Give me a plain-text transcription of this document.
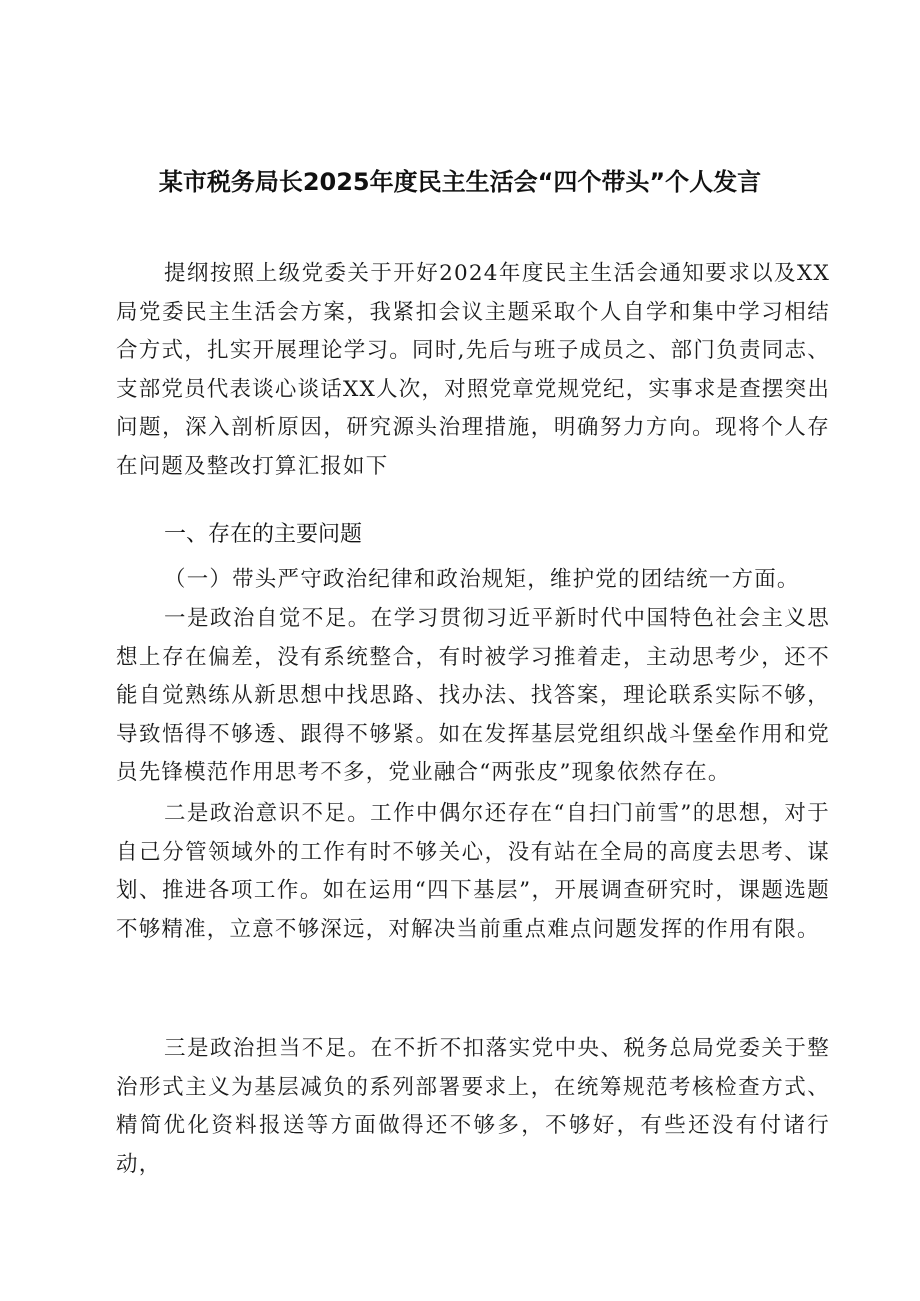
某市税务局长2025年度民主生活会“四个带头”个人发言

提纲按照上级党委关于开好2024年度民主生活会通知要求以及XX局党委民主生活会方案，我紧扣会议主题采取个人自学和集中学习相结合方式，扎实开展理论学习。同时,先后与班子成员之、部门负责同志、支部党员代表谈心谈话XX人次，对照党章党规党纪，实事求是查摆突出问题，深入剖析原因，研究源头治理措施，明确努力方向。现将个人存在问题及整改打算汇报如下

一、存在的主要问题

（一）带头严守政治纪律和政治规矩，维护党的团结统一方面。

一是政治自觉不足。在学习贯彻习近平新时代中国特色社会主义思想上存在偏差，没有系统整合，有时被学习推着走，主动思考少，还不能自觉熟练从新思想中找思路、找办法、找答案，理论联系实际不够，导致悟得不够透、跟得不够紧。如在发挥基层党组织战斗堡垒作用和党员先锋模范作用思考不多，党业融合“两张皮”现象依然存在。

二是政治意识不足。工作中偶尔还存在“自扫门前雪”的思想，对于自己分管领域外的工作有时不够关心，没有站在全局的高度去思考、谋划、推进各项工作。如在运用“四下基层”，开展调查研究时，课题选题不够精准，立意不够深远，对解决当前重点难点问题发挥的作用有限。

三是政治担当不足。在不折不扣落实党中央、税务总局党委关于整治形式主义为基层减负的系列部署要求上，在统筹规范考核检查方式、精简优化资料报送等方面做得还不够多，不够好，有些还没有付诸行动，
